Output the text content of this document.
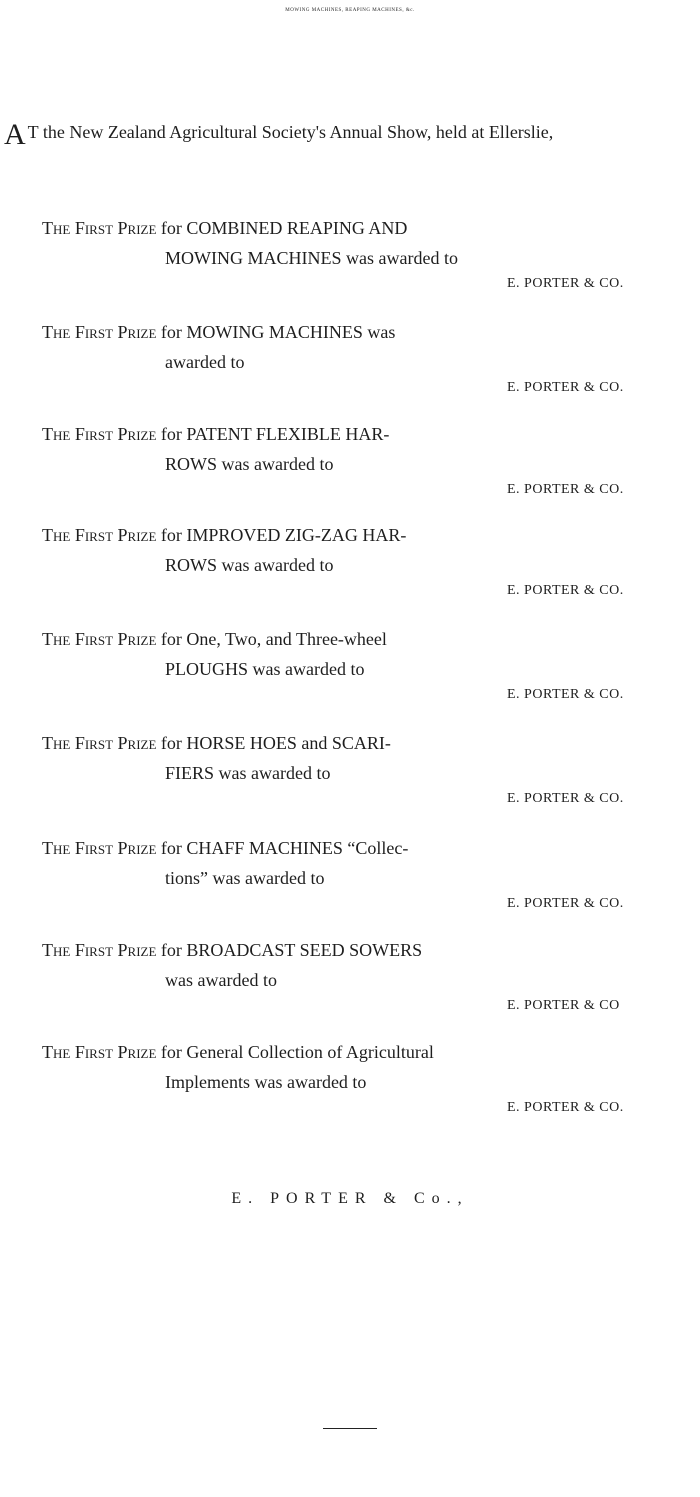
MOWING MACHINES, REAPING MACHINES, &c.
A T the New Zealand Agricultural Society's Annual Show, held at Ellerslie,
The First Prize for COMBINED REAPING AND
MOWING MACHINES was awarded to
E. PORTER & CO.
The First Prize for MOWING MACHINES was
awarded to
E. PORTER & CO.
The First Prize for PATENT FLEXIBLE HAR-
ROWS was awarded to
E. PORTER & CO.
The First Prize for IMPROVED ZIG-ZAG HAR-
ROWS was awarded to
E. PORTER & CO.
The First Prize for One, Two, and Three-wheel
PLOUGHS was awarded to
E. PORTER & CO.
The First Prize for HORSE HOES and SCARI-
FIERS was awarded to
E. PORTER & CO.
The First Prize for CHAFF MACHINES “Collec-
tions” was awarded to
E. PORTER & CO.
The First Prize for BROADCAST SEED SOWERS
was awarded to
E. PORTER & CO
The First Prize for General Collection of Agricultural
Implements was awarded to
E. PORTER & CO.
E. PORTER & Co.,
